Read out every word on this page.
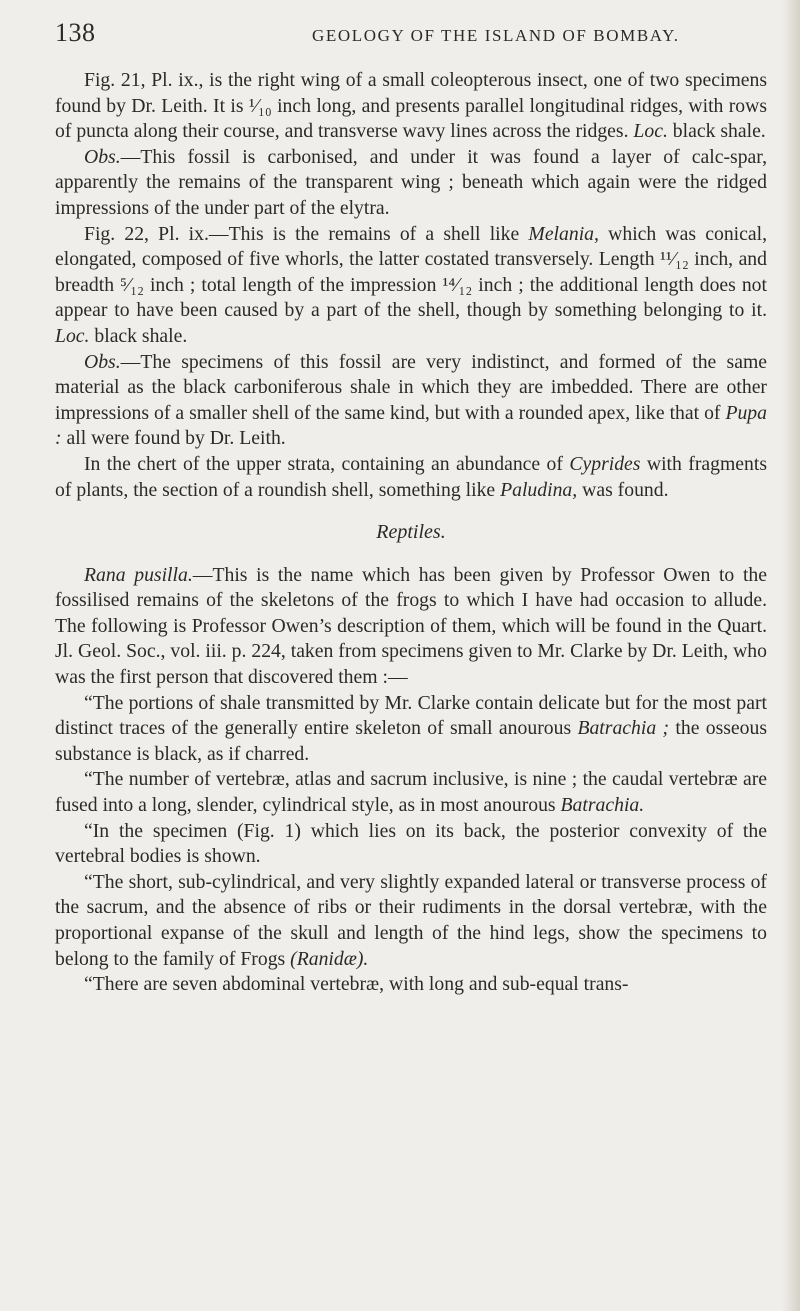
138	GEOLOGY OF THE ISLAND OF BOMBAY.

Fig. 21, Pl. ix., is the right wing of a small coleopterous insect, one of two specimens found by Dr. Leith. It is ¹⁄₁₀ inch long, and presents parallel longitudinal ridges, with rows of puncta along their course, and transverse wavy lines across the ridges. Loc. black shale.

Obs.—This fossil is carbonised, and under it was found a layer of calc-spar, apparently the remains of the transparent wing ; beneath which again were the ridged impressions of the under part of the elytra.

Fig. 22, Pl. ix.—This is the remains of a shell like Melania, which was conical, elongated, composed of five whorls, the latter costated transversely. Length ¹¹⁄₁₂ inch, and breadth ⁵⁄₁₂ inch ; total length of the impression ¹⁴⁄₁₂ inch ; the additional length does not appear to have been caused by a part of the shell, though by something belonging to it. Loc. black shale.

Obs.—The specimens of this fossil are very indistinct, and formed of the same material as the black carboniferous shale in which they are imbedded. There are other impressions of a smaller shell of the same kind, but with a rounded apex, like that of Pupa : all were found by Dr. Leith.

In the chert of the upper strata, containing an abundance of Cyprides with fragments of plants, the section of a roundish shell, something like Paludina, was found.

Reptiles.

Rana pusilla.—This is the name which has been given by Professor Owen to the fossilised remains of the skeletons of the frogs to which I have had occasion to allude. The following is Professor Owen’s description of them, which will be found in the Quart. Jl. Geol. Soc., vol. iii. p. 224, taken from specimens given to Mr. Clarke by Dr. Leith, who was the first person that discovered them :—

“The portions of shale transmitted by Mr. Clarke contain delicate but for the most part distinct traces of the generally entire skeleton of small anourous Batrachia ; the osseous substance is black, as if charred.

“The number of vertebræ, atlas and sacrum inclusive, is nine ; the caudal vertebræ are fused into a long, slender, cylindrical style, as in most anourous Batrachia.

“In the specimen (Fig. 1) which lies on its back, the posterior convexity of the vertebral bodies is shown.

“The short, sub-cylindrical, and very slightly expanded lateral or transverse process of the sacrum, and the absence of ribs or their rudiments in the dorsal vertebræ, with the proportional expanse of the skull and length of the hind legs, show the specimens to belong to the family of Frogs (Ranidæ).

“There are seven abdominal vertebræ, with long and sub-equal trans-
